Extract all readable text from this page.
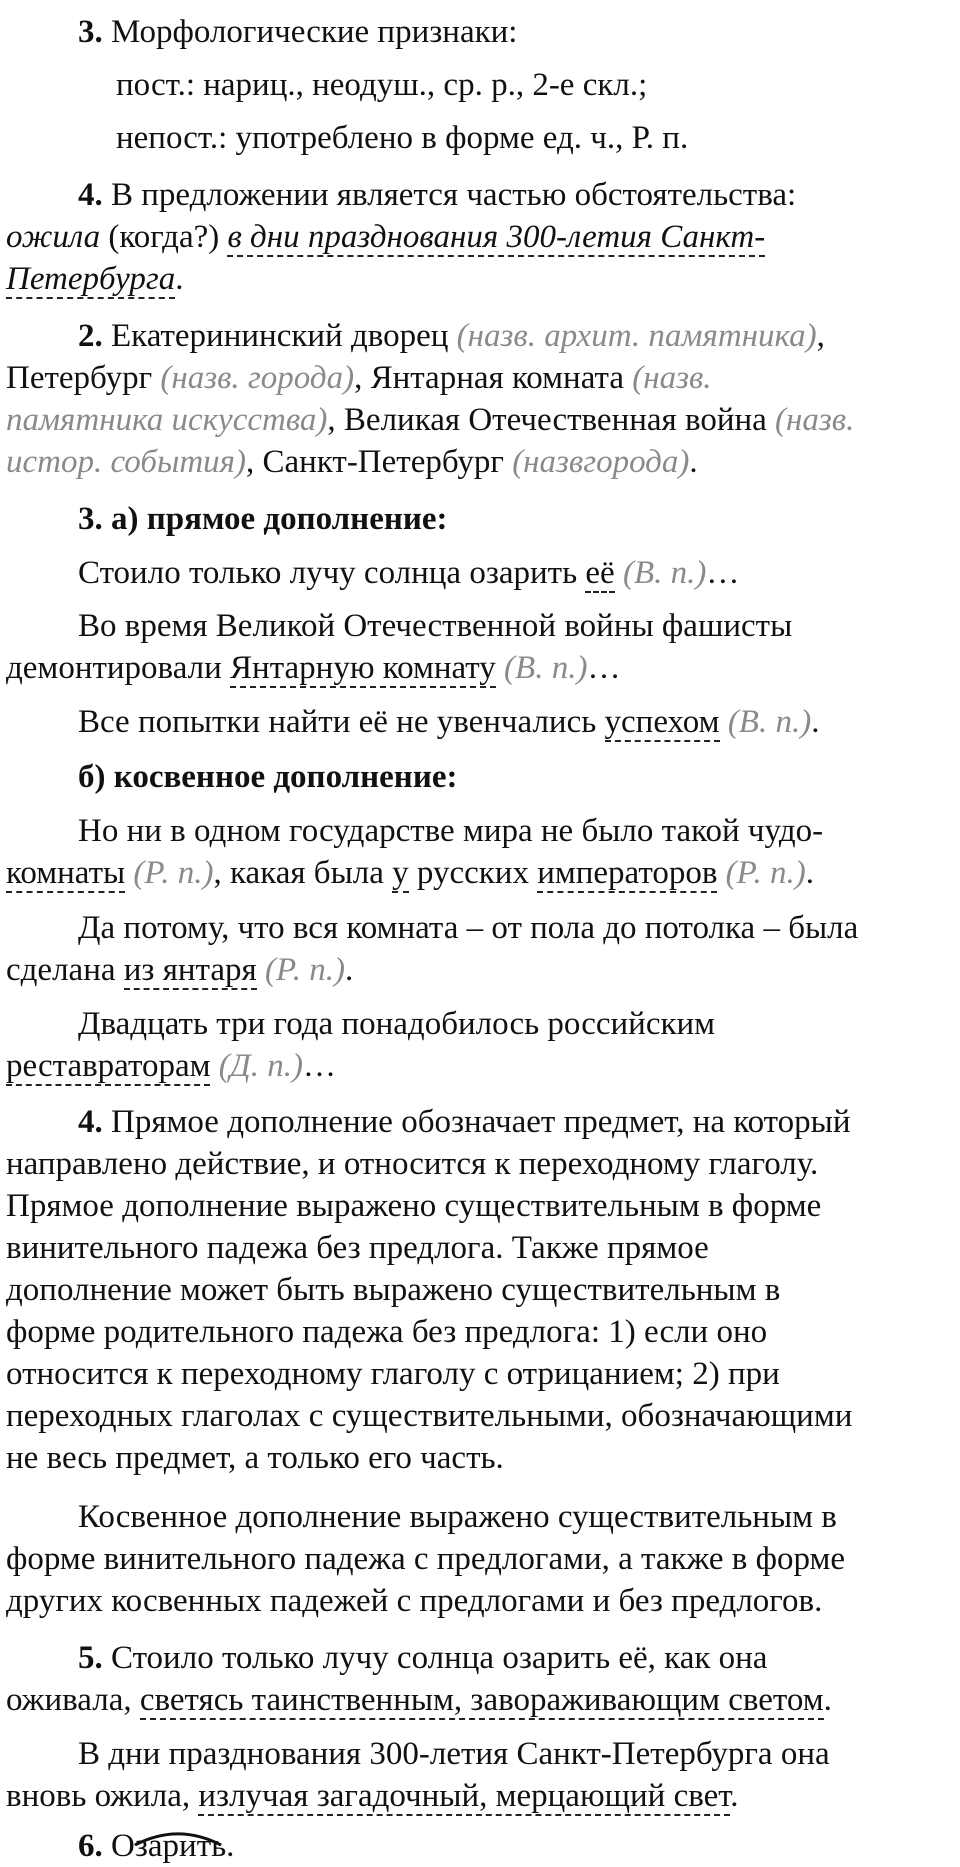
3. Морфологические признаки:
пост.: нариц., неодуш., ср. р., 2-е скл.;
непост.: употреблено в форме ед. ч., Р. п.
4. В предложении является частью обстоятельства:
ожила (когда?) в дни празднования 300-летия Санкт-
Петербурга.
2. Екатерининский дворец (назв. архит. памятника),
Петербург (назв. города), Янтарная комната (назв.
памятника искусства), Великая Отечественная война (назв.
истор. события), Санкт-Петербург (назвгорода).
3. а) прямое дополнение:
Стоило только лучу солнца озарить её (В. п.)…
Во время Великой Отечественной войны фашисты
демонтировали Янтарную комнату (В. п.)…
Все попытки найти её не увенчались успехом (В. п.).
б) косвенное дополнение:
Но ни в одном государстве мира не было такой чудо-
комнаты (Р. п.), какая была у русских императоров (Р. п.).
Да потому, что вся комната – от пола до потолка – была
сделана из янтаря (Р. п.).
Двадцать три года понадобилось российским
реставраторам (Д. п.)…
4. Прямое дополнение обозначает предмет, на который
направлено действие, и относится к переходному глаголу.
Прямое дополнение выражено существительным в форме
винительного падежа без предлога. Также прямое
дополнение может быть выражено существительным в
форме родительного падежа без предлога: 1) если оно
относится к переходному глаголу с отрицанием; 2) при
переходных глаголах с существительными, обозначающими
не весь предмет, а только его часть.
Косвенное дополнение выражено существительным в
форме винительного падежа с предлогами, а также в форме
других косвенных падежей с предлогами и без предлогов.
5. Стоило только лучу солнца озарить её, как она
оживала, светясь таинственным, завораживающим светом.
В дни празднования 300-летия Санкт-Петербурга она
вновь ожила, излучая загадочный, мерцающий свет.
6. О
зарить.
